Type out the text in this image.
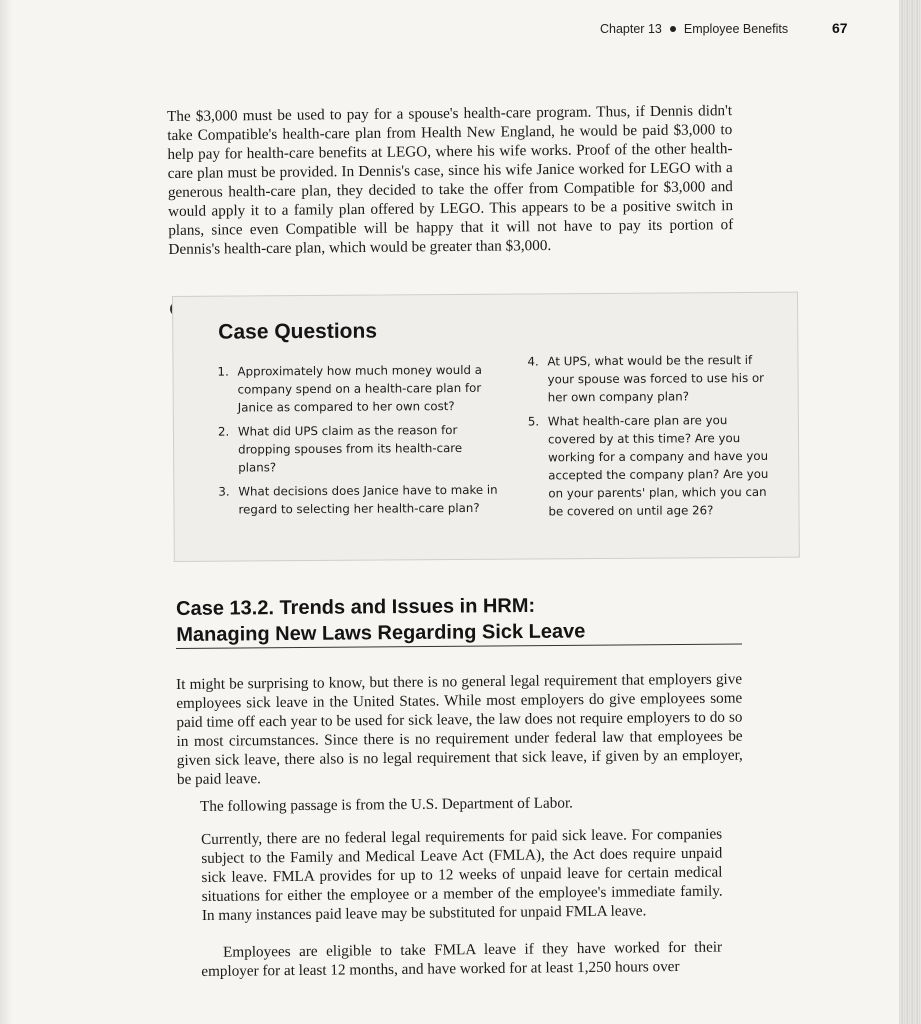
Chapter 13 Employee Benefits	67

The $3,000 must be used to pay for a spouse's health-care program. Thus, if Dennis didn't take Compatible's health-care plan from Health New England, he would be paid $3,000 to help pay for health-care benefits at LEGO, where his wife works. Proof of the other health-care plan must be provided. In Dennis's case, since his wife Janice worked for LEGO with a generous health-care plan, they decided to take the offer from Compatible for $3,000 and would apply it to a family plan offered by LEGO. This appears to be a positive switch in plans, since even Compatible will be happy that it will not have to pay its portion of Dennis's health-care plan, which would be greater than $3,000.

Case Questions
1. Approximately how much money would a company spend on a health-care plan for Janice as compared to her own cost?
2. What did UPS claim as the reason for dropping spouses from its health-care plans?
3. What decisions does Janice have to make in regard to selecting her health-care plan?
4. At UPS, what would be the result if your spouse was forced to use his or her own company plan?
5. What health-care plan are you covered by at this time? Are you working for a company and have you accepted the company plan? Are you on your parents' plan, which you can be covered on until age 26?
Case 13.2. Trends and Issues in HRM:
Managing New Laws Regarding Sick Leave

It might be surprising to know, but there is no general legal requirement that employers give employees sick leave in the United States. While most employers do give employees some paid time off each year to be used for sick leave, the law does not require employers to do so in most circumstances. Since there is no requirement under federal law that employees be given sick leave, there also is no legal requirement that sick leave, if given by an employer, be paid leave.

The following passage is from the U.S. Department of Labor.

Currently, there are no federal legal requirements for paid sick leave. For companies subject to the Family and Medical Leave Act (FMLA), the Act does require unpaid sick leave. FMLA provides for up to 12 weeks of unpaid leave for certain medical situations for either the employee or a member of the employee's immediate family. In many instances paid leave may be substituted for unpaid FMLA leave.

Employees are eligible to take FMLA leave if they have worked for their employer for at least 12 months, and have worked for at least 1,250 hours over
